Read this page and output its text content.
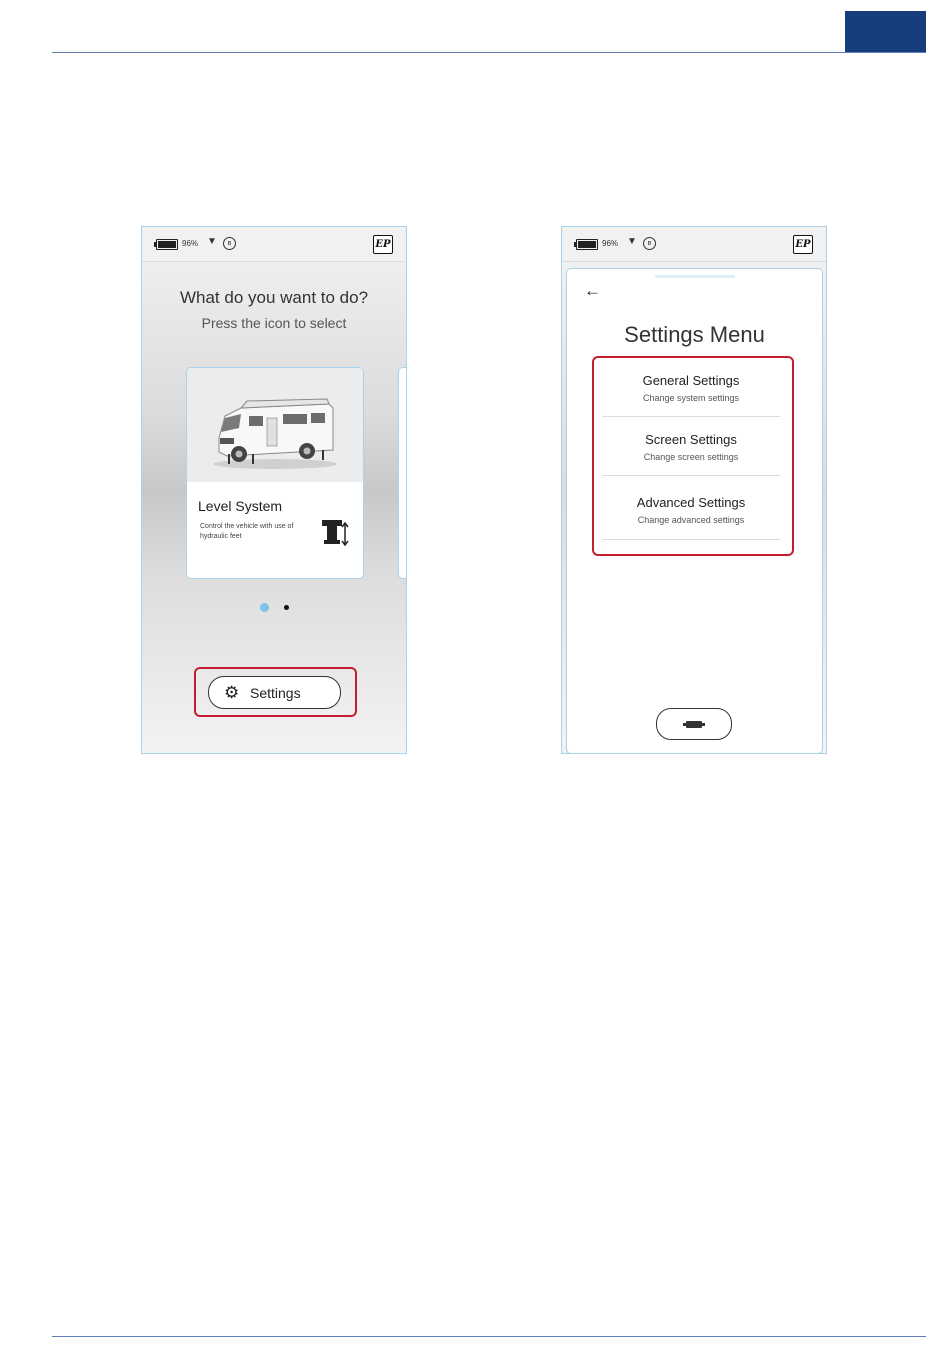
96% ▼	ʙ	EP
What do you want to do?
Press the icon to select
Level System
Control the vehicle with use of hydraulic feet
⚙ Settings
96% ▼	ʙ	EP
←
Settings Menu
General Settings
Change system settings
Screen Settings
Change screen settings
Advanced Settings
Change advanced settings
